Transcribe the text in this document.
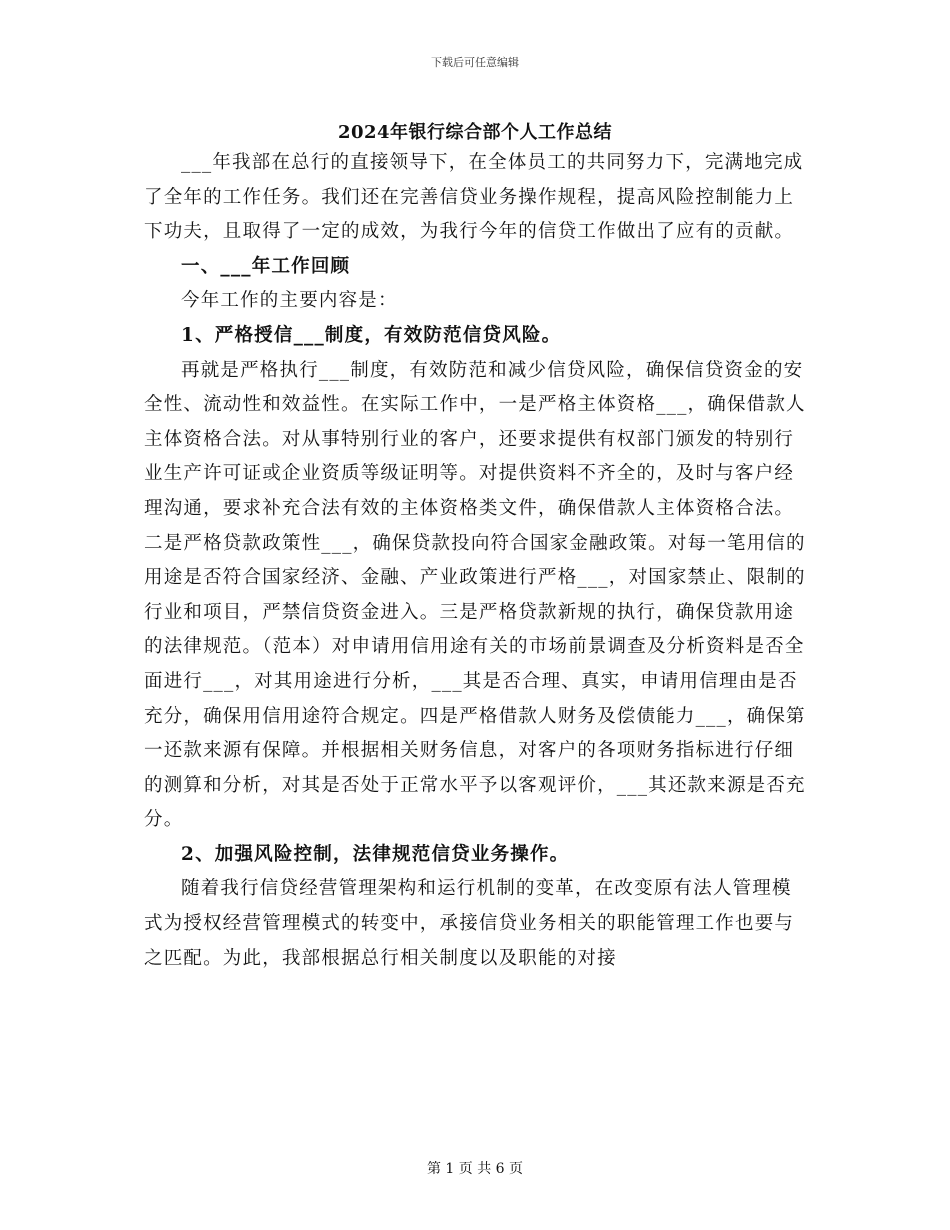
下载后可任意编辑
2024年银行综合部个人工作总结

___年我部在总行的直接领导下，在全体员工的共同努力下，完满地完成了全年的工作任务。我们还在完善信贷业务操作规程，提高风险控制能力上下功夫，且取得了一定的成效，为我行今年的信贷工作做出了应有的贡献。

一、___年工作回顾

今年工作的主要内容是：

1、严格授信___制度，有效防范信贷风险。

再就是严格执行___制度，有效防范和减少信贷风险，确保信贷资金的安全性、流动性和效益性。在实际工作中，一是严格主体资格___，确保借款人主体资格合法。对从事特别行业的客户，还要求提供有权部门颁发的特别行业生产许可证或企业资质等级证明等。对提供资料不齐全的，及时与客户经理沟通，要求补充合法有效的主体资格类文件，确保借款人主体资格合法。二是严格贷款政策性___，确保贷款投向符合国家金融政策。对每一笔用信的用途是否符合国家经济、金融、产业政策进行严格___，对国家禁止、限制的行业和项目，严禁信贷资金进入。三是严格贷款新规的执行，确保贷款用途的法律规范。（范本）对申请用信用途有关的市场前景调查及分析资料是否全面进行___，对其用途进行分析，___其是否合理、真实，申请用信理由是否充分，确保用信用途符合规定。四是严格借款人财务及偿债能力___，确保第一还款来源有保障。并根据相关财务信息，对客户的各项财务指标进行仔细的测算和分析，对其是否处于正常水平予以客观评价，___其还款来源是否充分。

2、加强风险控制，法律规范信贷业务操作。

随着我行信贷经营管理架构和运行机制的变革，在改变原有法人管理模式为授权经营管理模式的转变中，承接信贷业务相关的职能管理工作也要与之匹配。为此，我部根据总行相关制度以及职能的对接

第 1 页 共 6 页
